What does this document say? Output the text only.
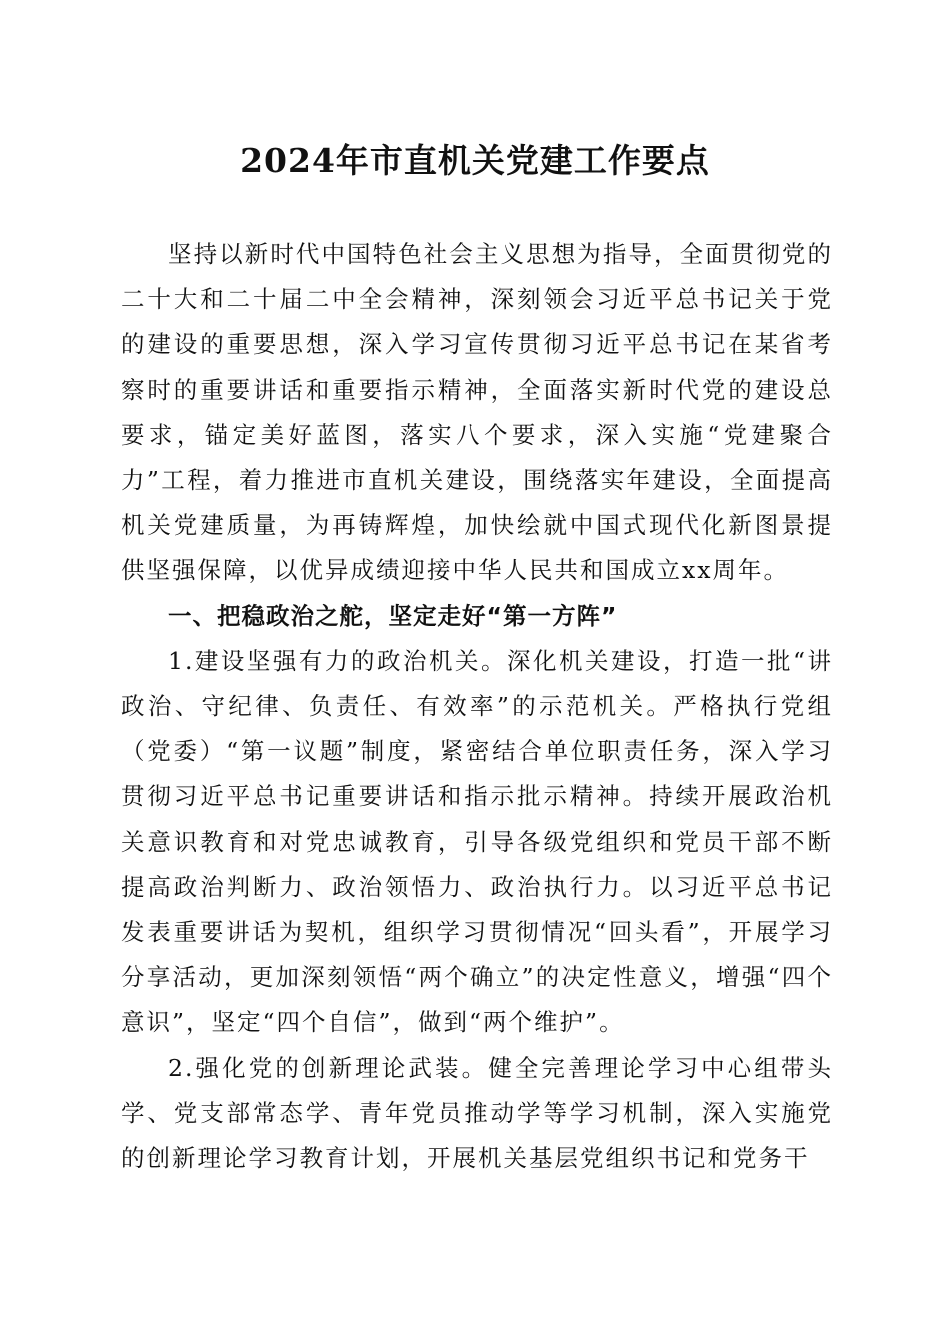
2024年市直机关党建工作要点

坚持以新时代中国特色社会主义思想为指导，全面贯彻党的二十大和二十届二中全会精神，深刻领会习近平总书记关于党的建设的重要思想，深入学习宣传贯彻习近平总书记在某省考察时的重要讲话和重要指示精神，全面落实新时代党的建设总要求，锚定美好蓝图，落实八个要求，深入实施“党建聚合力”工程，着力推进市直机关建设，围绕落实年建设，全面提高机关党建质量，为再铸辉煌，加快绘就中国式现代化新图景提供坚强保障，以优异成绩迎接中华人民共和国成立xx周年。

一、把稳政治之舵，坚定走好“第一方阵”

1.建设坚强有力的政治机关。深化机关建设，打造一批“讲政治、守纪律、负责任、有效率”的示范机关。严格执行党组（党委）“第一议题”制度，紧密结合单位职责任务，深入学习贯彻习近平总书记重要讲话和指示批示精神。持续开展政治机关意识教育和对党忠诚教育，引导各级党组织和党员干部不断提高政治判断力、政治领悟力、政治执行力。以习近平总书记发表重要讲话为契机，组织学习贯彻情况“回头看”，开展学习分享活动，更加深刻领悟“两个确立”的决定性意义，增强“四个意识”，坚定“四个自信”，做到“两个维护”。

2.强化党的创新理论武装。健全完善理论学习中心组带头学、党支部常态学、青年党员推动学等学习机制，深入实施党的创新理论学习教育计划，开展机关基层党组织书记和党务干
